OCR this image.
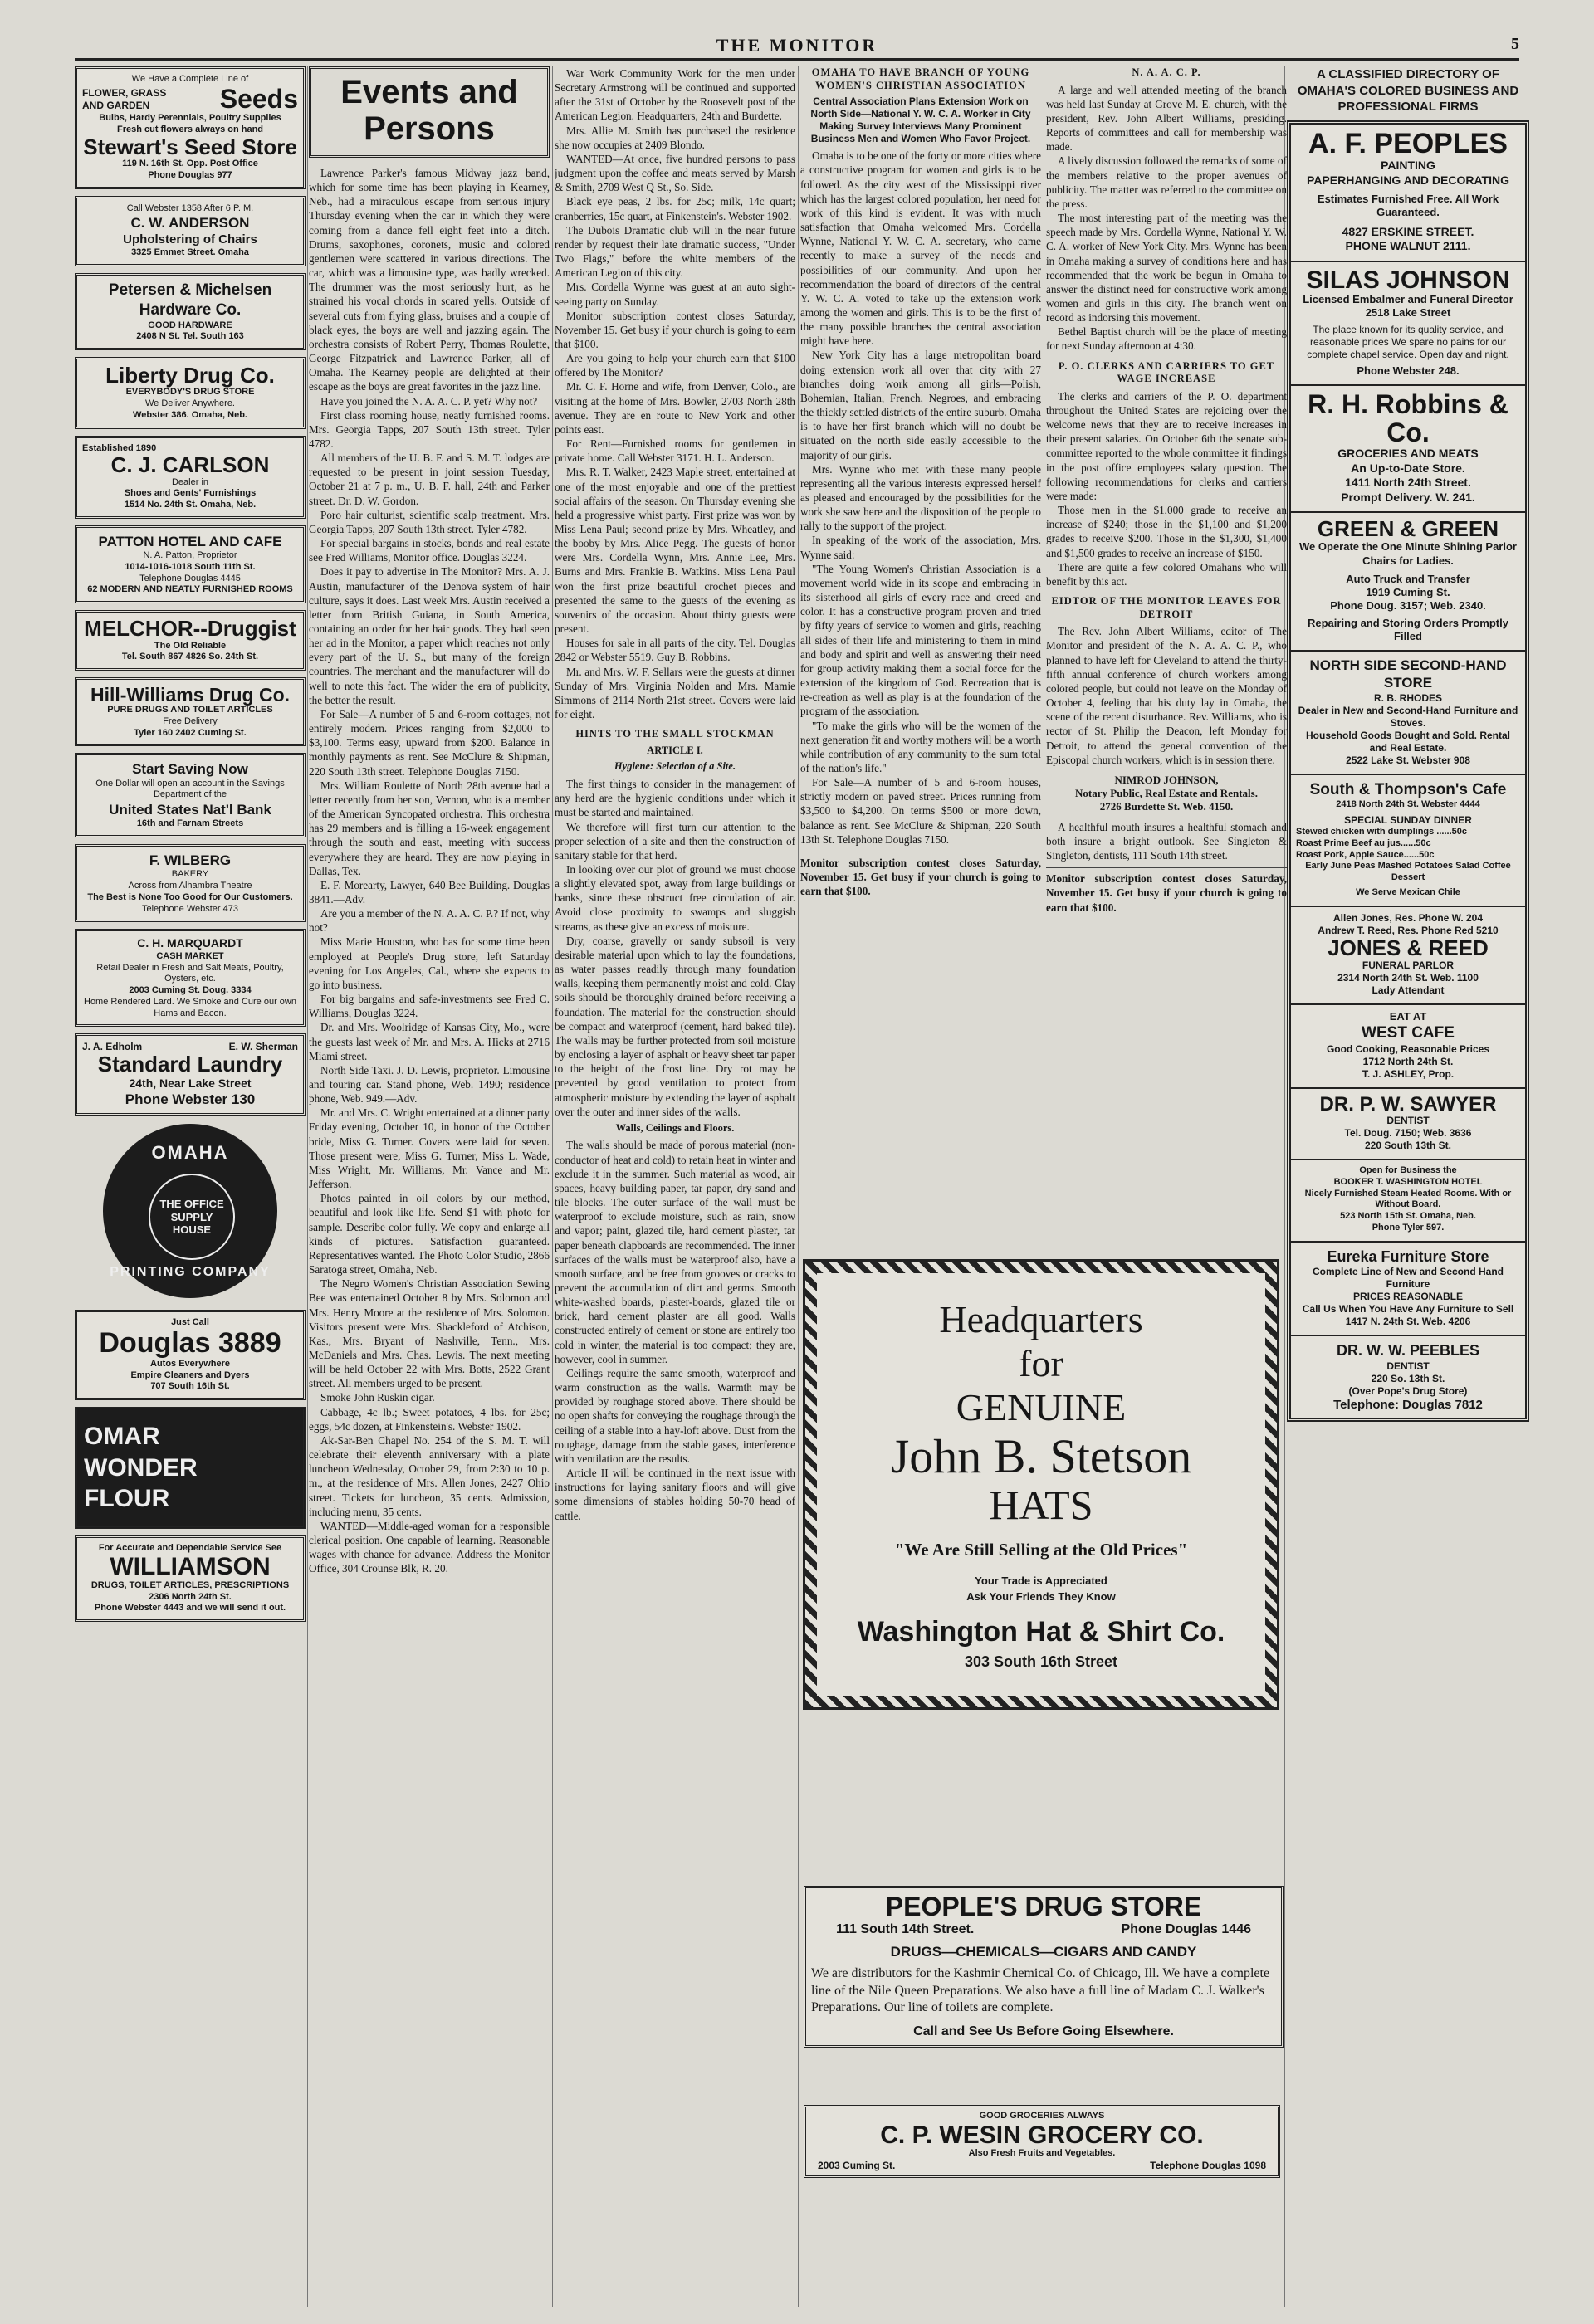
THE MONITOR	5
We Have a Complete Line of
FLOWER, GRASS
AND GARDEN	Seeds
Bulbs, Hardy Perennials, Poultry Supplies
Fresh cut flowers always on hand
Stewart's Seed Store
119 N. 16th St. Opp. Post Office
Phone Douglas 977
Call Webster 1358 After 6 P. M.
C. W. ANDERSON
Upholstering of Chairs
3325 Emmet Street. Omaha
Petersen & Michelsen Hardware Co.
GOOD HARDWARE
2408 N St. Tel. South 163
Liberty Drug Co.
EVERYBODY'S DRUG STORE
We Deliver Anywhere.
Webster 386. Omaha, Neb.
Established 1890
C. J. CARLSON
Dealer in
Shoes and Gents' Furnishings
1514 No. 24th St. Omaha, Neb.
PATTON HOTEL AND CAFE
N. A. Patton, Proprietor
1014-1016-1018 South 11th St.
Telephone Douglas 4445
62 MODERN AND NEATLY FURNISHED ROOMS
MELCHOR--Druggist
The Old Reliable
Tel. South 867 4826 So. 24th St.
Hill-Williams Drug Co.
PURE DRUGS AND TOILET ARTICLES
Free Delivery
Tyler 160 2402 Cuming St.
Start Saving Now
One Dollar will open an account in the Savings Department of the
United States Nat'l Bank
16th and Farnam Streets
F. WILBERG
BAKERY
Across from Alhambra Theatre
The Best is None Too Good for Our Customers.
Telephone Webster 473
C. H. MARQUARDT
CASH MARKET
Retail Dealer in Fresh and Salt Meats, Poultry, Oysters, etc.
2003 Cuming St. Doug. 3334
Home Rendered Lard. We Smoke and Cure our own Hams and Bacon.
J. A. Edholm	E. W. Sherman
Standard Laundry
24th, Near Lake Street
Phone Webster 130
OMAHA
THE OFFICE SUPPLY HOUSE
PRINTING COMPANY
Just Call
Douglas 3889
Autos Everywhere
Empire Cleaners and Dyers
707 South 16th St.
OMAR WONDER FLOUR
For Accurate and Dependable Service See
WILLIAMSON
DRUGS, TOILET ARTICLES, PRESCRIPTIONS
2306 North 24th St.
Phone Webster 4443 and we will send it out.
Events and Persons

Lawrence Parker's famous Midway jazz band, which for some time has been playing in Kearney, Neb., had a miraculous escape from serious injury Thursday evening when the car in which they were coming from a dance fell eight feet into a ditch. Drums, saxophones, coronets, music and colored gentlemen were scattered in various directions. The car, which was a limousine type, was badly wrecked. The drummer was the most seriously hurt, as he strained his vocal chords in scared yells. Outside of several cuts from flying glass, bruises and a couple of black eyes, the boys are well and jazzing again. The orchestra consists of Robert Perry, Thomas Roulette, George Fitzpatrick and Lawrence Parker, all of Omaha. The Kearney people are delighted at their escape as the boys are great favorites in the jazz line.

Have you joined the N. A. A. C. P. yet? Why not?

First class rooming house, neatly furnished rooms. Mrs. Georgia Tapps, 207 South 13th street. Tyler 4782.

All members of the U. B. F. and S. M. T. lodges are requested to be present in joint session Tuesday, October 21 at 7 p. m., U. B. F. hall, 24th and Parker street. Dr. D. W. Gordon.

Poro hair culturist, scientific scalp treatment. Mrs. Georgia Tapps, 207 South 13th street. Tyler 4782.

For special bargains in stocks, bonds and real estate see Fred Williams, Monitor office. Douglas 3224.

Does it pay to advertise in The Monitor? Mrs. A. J. Austin, manufacturer of the Denova system of hair culture, says it does. Last week Mrs. Austin received a letter from British Guiana, in South America, containing an order for her hair goods. They had seen her ad in the Monitor, a paper which reaches not only every part of the U. S., but many of the foreign countries. The merchant and the manufacturer will do well to note this fact. The wider the era of publicity, the better the result.

For Sale—A number of 5 and 6-room cottages, not entirely modern. Prices ranging from $2,000 to $3,100. Terms easy, upward from $200. Balance in monthly payments as rent. See McClure & Shipman, 220 South 13th street. Telephone Douglas 7150.

Mrs. William Roulette of North 28th avenue had a letter recently from her son, Vernon, who is a member of the American Syncopated orchestra. This orchestra has 29 members and is filling a 16-week engagement through the south and east, meeting with success everywhere they are heard. They are now playing in Dallas, Tex.

E. F. Morearty, Lawyer, 640 Bee Building. Douglas 3841.—Adv.

Are you a member of the N. A. A. C. P.? If not, why not?

Miss Marie Houston, who has for some time been employed at People's Drug store, left Saturday evening for Los Angeles, Cal., where she expects to go into business.

For big bargains and safe-investments see Fred C. Williams, Douglas 3224.

Dr. and Mrs. Woolridge of Kansas City, Mo., were the guests last week of Mr. and Mrs. A. Hicks at 2716 Miami street.

North Side Taxi. J. D. Lewis, proprietor. Limousine and touring car. Stand phone, Web. 1490; residence phone, Web. 949.—Adv.

Mr. and Mrs. C. Wright entertained at a dinner party Friday evening, October 10, in honor of the October bride, Miss G. Turner. Covers were laid for seven. Those present were, Miss G. Turner, Miss L. Wade, Miss Wright, Mr. Williams, Mr. Vance and Mr. Jefferson.

Photos painted in oil colors by our method, beautiful and look like life. Send $1 with photo for sample. Describe color fully. We copy and enlarge all kinds of pictures. Satisfaction guaranteed. Representatives wanted. The Photo Color Studio, 2866 Saratoga street, Omaha, Neb.

The Negro Women's Christian Association Sewing Bee was entertained October 8 by Mrs. Solomon and Mrs. Henry Moore at the residence of Mrs. Solomon. Visitors present were Mrs. Shackleford of Atchison, Kas., Mrs. Bryant of Nashville, Tenn., Mrs. McDaniels and Mrs. Chas. Lewis. The next meeting will be held October 22 with Mrs. Botts, 2522 Grant street. All members urged to be present.

Smoke John Ruskin cigar.

Cabbage, 4c lb.; Sweet potatoes, 4 lbs. for 25c; eggs, 54c dozen, at Finkenstein's. Webster 1902.

Ak-Sar-Ben Chapel No. 254 of the S. M. T. will celebrate their eleventh anniversary with a plate luncheon Wednesday, October 29, from 2:30 to 10 p. m., at the residence of Mrs. Allen Jones, 2427 Ohio street. Tickets for luncheon, 35 cents. Admission, including menu, 35 cents.

WANTED—Middle-aged woman for a responsible clerical position. One capable of learning. Reasonable wages with chance for advance. Address the Monitor Office, 304 Crounse Blk, R. 20.

War Work Community Work for the men under Secretary Armstrong will be continued and supported after the 31st of October by the Roosevelt post of the American Legion. Headquarters, 24th and Burdette.

Mrs. Allie M. Smith has purchased the residence she now occupies at 2409 Blondo.

WANTED—At once, five hundred persons to pass judgment upon the coffee and meats served by Marsh & Smith, 2709 West Q St., So. Side.

Black eye peas, 2 lbs. for 25c; milk, 14c quart; cranberries, 15c quart, at Finkenstein's. Webster 1902.

The Dubois Dramatic club will in the near future render by request their late dramatic success, "Under Two Flags," before the white members of the American Legion of this city.

Mrs. Cordella Wynne was guest at an auto sight-seeing party on Sunday.

Monitor subscription contest closes Saturday, November 15. Get busy if your church is going to earn that $100.

Are you going to help your church earn that $100 offered by The Monitor?

Mr. C. F. Horne and wife, from Denver, Colo., are visiting at the home of Mrs. Bowler, 2703 North 28th avenue. They are en route to New York and other points east.

For Rent—Furnished rooms for gentlemen in private home. Call Webster 3171. H. L. Anderson.

Mrs. R. T. Walker, 2423 Maple street, entertained at one of the most enjoyable and one of the prettiest social affairs of the season. On Thursday evening she held a progressive whist party. First prize was won by Miss Lena Paul; second prize by Mrs. Wheatley, and the booby by Mrs. Alice Pegg. The guests of honor were Mrs. Cordella Wynn, Mrs. Annie Lee, Mrs. Burns and Mrs. Frankie B. Watkins. Miss Lena Paul won the first prize beautiful crochet pieces and presented the same to the guests of the evening as souvenirs of the occasion. About thirty guests were present.

Houses for sale in all parts of the city. Tel. Douglas 2842 or Webster 5519. Guy B. Robbins.

Mr. and Mrs. W. F. Sellars were the guests at dinner Sunday of Mrs. Virginia Nolden and Mrs. Mamie Simmons of 2114 North 21st street. Covers were laid for eight.

HINTS TO THE SMALL STOCKMAN
ARTICLE I.
Hygiene: Selection of a Site.

The first things to consider in the management of any herd are the hygienic conditions under which it must be started and maintained.

We therefore will first turn our attention to the proper selection of a site and then the construction of sanitary stable for that herd.

In looking over our plot of ground we must choose a slightly elevated spot, away from large buildings or banks, since these obstruct free circulation of air. Avoid close proximity to swamps and sluggish streams, as these give an excess of moisture.

Dry, coarse, gravelly or sandy subsoil is very desirable material upon which to lay the foundations, as water passes readily through many foundation walls, keeping them permanently moist and cold. Clay soils should be thoroughly drained before receiving a foundation. The material for the construction should be compact and waterproof (cement, hard baked tile). The walls may be further protected from soil moisture by enclosing a layer of asphalt or heavy sheet tar paper to the height of the frost line. Dry rot may be prevented by good ventilation to protect from atmospheric moisture by extending the layer of asphalt over the outer and inner sides of the walls.

Walls, Ceilings and Floors.

The walls should be made of porous material (non-conductor of heat and cold) to retain heat in winter and exclude it in the summer. Such material as wood, air spaces, heavy building paper, tar paper, dry sand and tile blocks. The outer surface of the wall must be waterproof to exclude moisture, such as rain, snow and vapor; paint, glazed tile, hard cement plaster, tar paper beneath clapboards are recommended. The inner surfaces of the walls must be waterproof also, have a smooth surface, and be free from grooves or cracks to prevent the accumulation of dirt and germs. Smooth white-washed boards, plaster-boards, glazed tile or brick, hard cement plaster are all good. Walls constructed entirely of cement or stone are entirely too cold in winter, the material is too compact; they are, however, cool in summer.

Ceilings require the same smooth, waterproof and warm construction as the walls. Warmth may be provided by roughage stored above. There should be no open shafts for conveying the roughage through the ceiling of a stable into a hay-loft above. Dust from the roughage, damage from the stable gases, interference with ventilation are the results.

Article II will be continued in the next issue with instructions for laying sanitary floors and will give some dimensions of stables holding 50-70 head of cattle.

OMAHA TO HAVE BRANCH OF YOUNG WOMEN'S CHRISTIAN ASSOCIATION
Central Association Plans Extension Work on North Side—National Y. W. C. A. Worker in City Making Survey Interviews Many Prominent Business Men and Women Who Favor Project.

Omaha is to be one of the forty or more cities where a constructive program for women and girls is to be followed. As the city west of the Mississippi river which has the largest colored population, her need for work of this kind is evident. It was with much satisfaction that Omaha welcomed Mrs. Cordella Wynne, National Y. W. C. A. secretary, who came recently to make a survey of the needs and possibilities of our community. And upon her recommendation the board of directors of the central Y. W. C. A. voted to take up the extension work among the women and girls. This is to be the first of the many possible branches the central association might have here.

New York City has a large metropolitan board doing extension work all over that city with 27 branches doing work among all girls—Polish, Bohemian, Italian, French, Negroes, and embracing the thickly settled districts of the entire suburb. Omaha is to have her first branch which will no doubt be situated on the north side easily accessible to the majority of our girls.

Mrs. Wynne who met with these many people representing all the various interests expressed herself as pleased and encouraged by the possibilities for the work she saw here and the disposition of the people to rally to the support of the project.

In speaking of the work of the association, Mrs. Wynne said:

"The Young Women's Christian Association is a movement world wide in its scope and embracing in its sisterhood all girls of every race and creed and color. It has a constructive program proven and tried by fifty years of service to women and girls, reaching all sides of their life and ministering to them in mind and body and spirit and well as answering their need for group activity making them a social force for the extension of the kingdom of God. Recreation that is re-creation as well as play is at the foundation of the program of the association.

"To make the girls who will be the women of the next generation fit and worthy mothers will be a worth while contribution of any community to the sum total of the nation's life."

For Sale—A number of 5 and 6-room houses, strictly modern on paved street. Prices running from $3,500 to $4,200. On terms $500 or more down, balance as rent. See McClure & Shipman, 220 South 13th St. Telephone Douglas 7150.

Monitor subscription contest closes Saturday, November 15. Get busy if your church is going to earn that $100.
N. A. A. C. P.

A large and well attended meeting of the branch was held last Sunday at Grove M. E. church, with the president, Rev. John Albert Williams, presiding. Reports of committees and call for membership was made.

A lively discussion followed the remarks of some of the members relative to the proper avenues of publicity. The matter was referred to the committee on the press.

The most interesting part of the meeting was the speech made by Mrs. Cordella Wynne, National Y. W. C. A. worker of New York City. Mrs. Wynne has been in Omaha making a survey of conditions here and has recommended that the work be begun in Omaha to answer the distinct need for constructive work among women and girls in this city. The branch went on record as indorsing this movement.

Bethel Baptist church will be the place of meeting for next Sunday afternoon at 4:30.

P. O. CLERKS AND CARRIERS TO GET WAGE INCREASE

The clerks and carriers of the P. O. department throughout the United States are rejoicing over the welcome news that they are to receive increases in their present salaries. On October 6th the senate sub-committee reported to the whole committee it findings in the post office employees salary question. The following recommendations for clerks and carriers were made:

Those men in the $1,000 grade to receive an increase of $240; those in the $1,100 and $1,200 grades to receive $200. Those in the $1,300, $1,400 and $1,500 grades to receive an increase of $150.

There are quite a few colored Omahans who will benefit by this act.

EIDTOR OF THE MONITOR LEAVES FOR DETROIT

The Rev. John Albert Williams, editor of The Monitor and president of the N. A. A. C. P., who planned to have left for Cleveland to attend the thirty-fifth annual conference of church workers among colored people, but could not leave on the Monday of October 4, feeling that his duty lay in Omaha, the scene of the recent disturbance. Rev. Williams, who is rector of St. Philip the Deacon, left Monday for Detroit, to attend the general convention of the Episcopal church workers, which is in session there.

NIMROD JOHNSON,
Notary Public, Real Estate and Rentals.
2726 Burdette St. Web. 4150.

A healthful mouth insures a healthful stomach and both insure a bright outlook. See Singleton & Singleton, dentists, 111 South 14th street.

Monitor subscription contest closes Saturday, November 15. Get busy if your church is going to earn that $100.
Headquarters
for
GENUINE
John B. Stetson
HATS
"We Are Still Selling at the Old Prices"
Your Trade is Appreciated
Ask Your Friends They Know
Washington Hat & Shirt Co.
303 South 16th Street
PEOPLE'S DRUG STORE
111 South 14th Street.	Phone Douglas 1446
DRUGS—CHEMICALS—CIGARS AND CANDY
We are distributors for the Kashmir Chemical Co. of Chicago, Ill. We have a complete line of the Nile Queen Preparations. We also have a full line of Madam C. J. Walker's Preparations. Our line of toilets are complete.
Call and See Us Before Going Elsewhere.
GOOD GROCERIES ALWAYS
C. P. WESIN GROCERY CO.
Also Fresh Fruits and Vegetables.
2003 Cuming St.	Telephone Douglas 1098
A CLASSIFIED DIRECTORY OF OMAHA'S COLORED BUSINESS AND PROFESSIONAL FIRMS
A. F. PEOPLES
PAINTING
PAPERHANGING AND DECORATING
Estimates Furnished Free. All Work Guaranteed.
4827 ERSKINE STREET.
PHONE WALNUT 2111.
SILAS JOHNSON
Licensed Embalmer and Funeral Director
2518 Lake Street
The place known for its quality service, and reasonable prices We spare no pains for our complete chapel service. Open day and night.
Phone Webster 248.
R. H. Robbins & Co.
GROCERIES AND MEATS
An Up-to-Date Store.
1411 North 24th Street.
Prompt Delivery. W. 241.
GREEN & GREEN
We Operate the One Minute Shining Parlor Chairs for Ladies.
Auto Truck and Transfer
1919 Cuming St.
Phone Doug. 3157; Web. 2340.
Repairing and Storing Orders Promptly Filled
NORTH SIDE SECOND-HAND STORE
R. B. RHODES
Dealer in New and Second-Hand Furniture and Stoves.
Household Goods Bought and Sold. Rental and Real Estate.
2522 Lake St. Webster 908
South & Thompson's Cafe
2418 North 24th St. Webster 4444
SPECIAL SUNDAY DINNER
Stewed chicken with dumplings ......50c
Roast Prime Beef au jus......50c
Roast Pork, Apple Sauce......50c
Early June Peas Mashed Potatoes Salad Coffee Dessert
We Serve Mexican Chile
Allen Jones, Res. Phone W. 204
Andrew T. Reed, Res. Phone Red 5210
JONES & REED
FUNERAL PARLOR
2314 North 24th St. Web. 1100
Lady Attendant
EAT AT
WEST CAFE
Good Cooking, Reasonable Prices
1712 North 24th St.
T. J. ASHLEY, Prop.
DR. P. W. SAWYER
DENTIST
Tel. Doug. 7150; Web. 3636
220 South 13th St.
Open for Business the
BOOKER T. WASHINGTON HOTEL
Nicely Furnished Steam Heated Rooms. With or Without Board.
523 North 15th St. Omaha, Neb.
Phone Tyler 597.
Eureka Furniture Store
Complete Line of New and Second Hand Furniture
PRICES REASONABLE
Call Us When You Have Any Furniture to Sell
1417 N. 24th St. Web. 4206
DR. W. W. PEEBLES
DENTIST
220 So. 13th St.
(Over Pope's Drug Store)
Telephone: Douglas 7812
